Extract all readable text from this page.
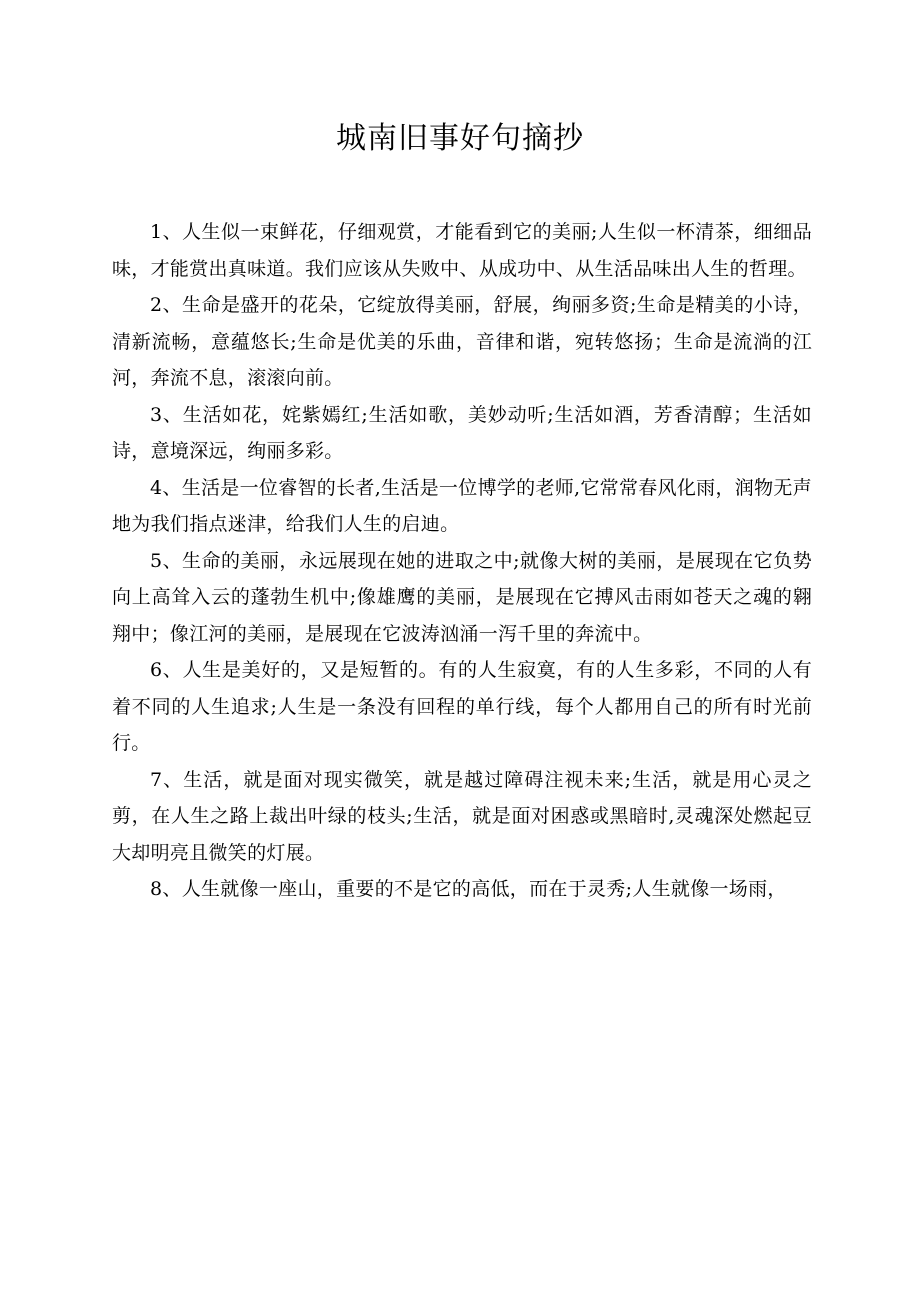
城南旧事好句摘抄

1、人生似一束鲜花，仔细观赏，才能看到它的美丽;人生似一杯清茶，细细品味，才能赏出真味道。我们应该从失败中、从成功中、从生活品味出人生的哲理。

2、生命是盛开的花朵，它绽放得美丽，舒展，绚丽多资;生命是精美的小诗，清新流畅，意蕴悠长;生命是优美的乐曲，音律和谐，宛转悠扬；生命是流淌的江河，奔流不息，滚滚向前。

3、生活如花，姹紫嫣红;生活如歌，美妙动听;生活如酒，芳香清醇；生活如诗，意境深远，绚丽多彩。

4、生活是一位睿智的长者,生活是一位博学的老师,它常常春风化雨，润物无声地为我们指点迷津，给我们人生的启迪。

5、生命的美丽，永远展现在她的进取之中;就像大树的美丽，是展现在它负势向上高耸入云的蓬勃生机中;像雄鹰的美丽，是展现在它搏风击雨如苍天之魂的翱翔中；像江河的美丽，是展现在它波涛汹涌一泻千里的奔流中。

6、人生是美好的，又是短暂的。有的人生寂寞，有的人生多彩，不同的人有着不同的人生追求;人生是一条没有回程的单行线，每个人都用自己的所有时光前行。

7、生活，就是面对现实微笑，就是越过障碍注视未来;生活，就是用心灵之剪，在人生之路上裁出叶绿的枝头;生活，就是面对困惑或黑暗时,灵魂深处燃起豆大却明亮且微笑的灯展。

8、人生就像一座山，重要的不是它的高低，而在于灵秀;人生就像一场雨，
